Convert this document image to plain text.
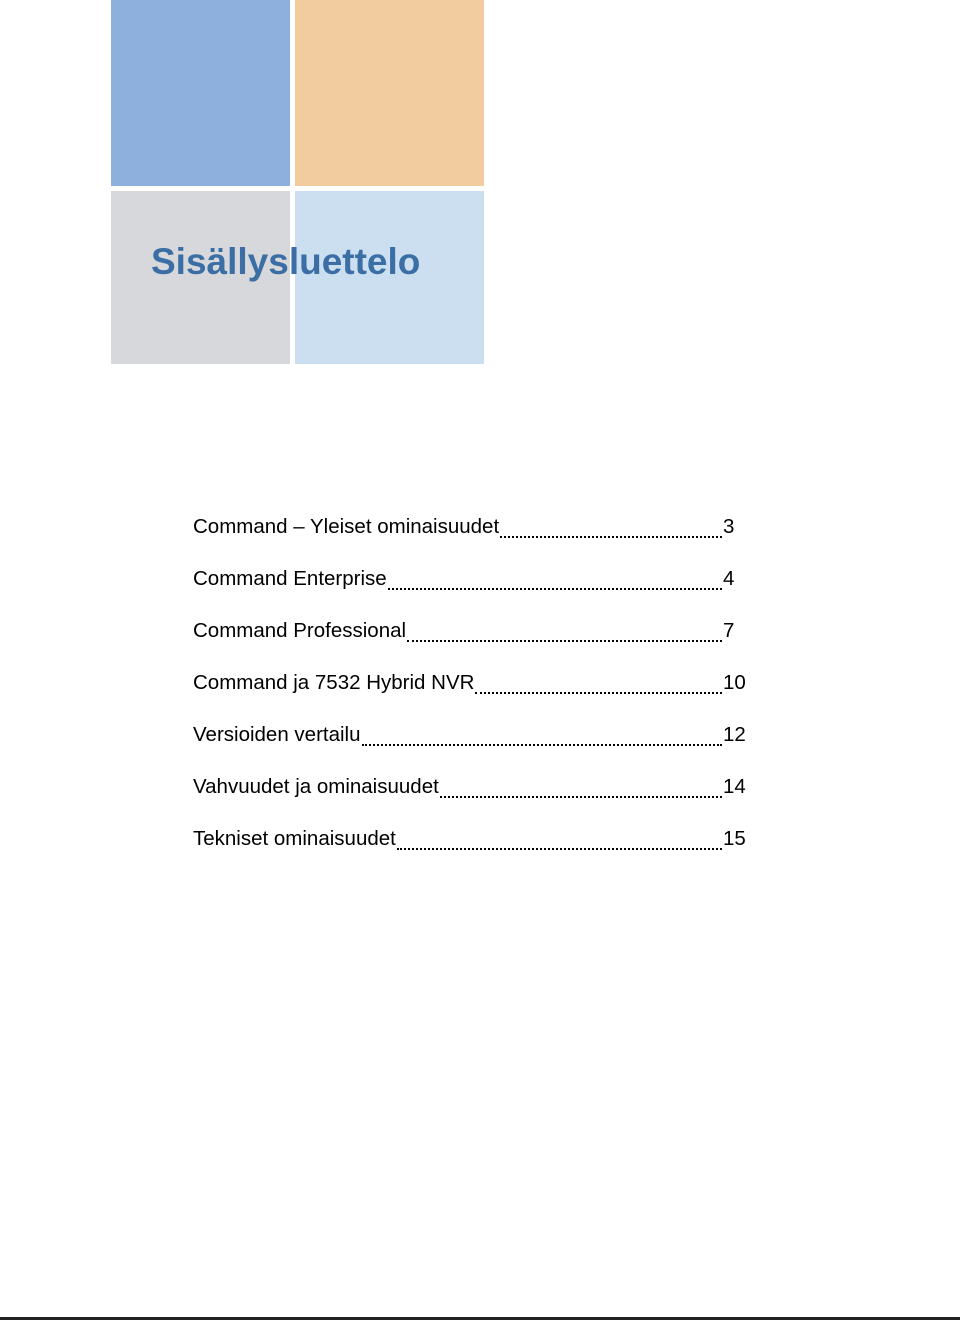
Sisällysluettelo
Command – Yleiset ominaisuudet	3
Command Enterprise	4
Command Professional	7
Command ja 7532 Hybrid NVR	10
Versioiden vertailu	12
Vahvuudet ja ominaisuudet	14
Tekniset ominaisuudet	15
